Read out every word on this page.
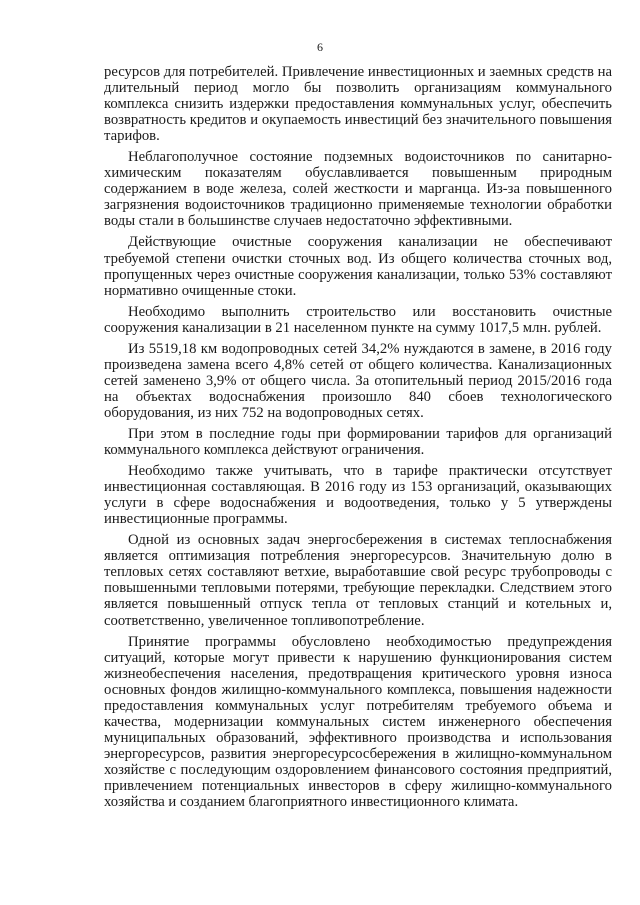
6

ресурсов для потребителей. Привлечение инвестиционных и заемных средств на длительный период могло бы позволить организациям коммунального комплекса снизить издержки предоставления коммунальных услуг, обеспечить возвратность кредитов и окупаемость инвестиций без значительного повышения тарифов.

Неблагополучное состояние подземных водоисточников по санитарно-химическим показателям обуславливается повышенным природным содержанием в воде железа, солей жесткости и марганца. Из-за повышенного загрязнения водоисточников традиционно применяемые технологии обработки воды стали в большинстве случаев недостаточно эффективными.

Действующие очистные сооружения канализации не обеспечивают требуемой степени очистки сточных вод. Из общего количества сточных вод, пропущенных через очистные сооружения канализации, только 53% составляют нормативно очищенные стоки.

Необходимо выполнить строительство или восстановить очистные сооружения канализации в 21 населенном пункте на сумму 1017,5 млн. рублей.

Из 5519,18 км водопроводных сетей 34,2% нуждаются в замене, в 2016 году произведена замена всего 4,8% сетей от общего количества. Канализационных сетей заменено 3,9% от общего числа. За отопительный период 2015/2016 года на объектах водоснабжения произошло 840 сбоев технологического оборудования, из них 752 на водопроводных сетях.

При этом в последние годы при формировании тарифов для организаций коммунального комплекса действуют ограничения.

Необходимо также учитывать, что в тарифе практически отсутствует инвестиционная составляющая. В 2016 году из 153 организаций, оказывающих услуги в сфере водоснабжения и водоотведения, только у 5 утверждены инвестиционные программы.

Одной из основных задач энергосбережения в системах теплоснабжения является оптимизация потребления энергоресурсов. Значительную долю в тепловых сетях составляют ветхие, выработавшие свой ресурс трубопроводы с повышенными тепловыми потерями, требующие перекладки. Следствием этого является повышенный отпуск тепла от тепловых станций и котельных и, соответственно, увеличенное топливопотребление.

Принятие программы обусловлено необходимостью предупреждения ситуаций, которые могут привести к нарушению функционирования систем жизнеобеспечения населения, предотвращения критического уровня износа основных фондов жилищно-коммунального комплекса, повышения надежности предоставления коммунальных услуг потребителям требуемого объема и качества, модернизации коммунальных систем инженерного обеспечения муниципальных образований, эффективного производства и использования энергоресурсов, развития энергоресурсосбережения в жилищно-коммунальном хозяйстве с последующим оздоровлением финансового состояния предприятий, привлечением потенциальных инвесторов в сферу жилищно-коммунального хозяйства и созданием благоприятного инвестиционного климата.
